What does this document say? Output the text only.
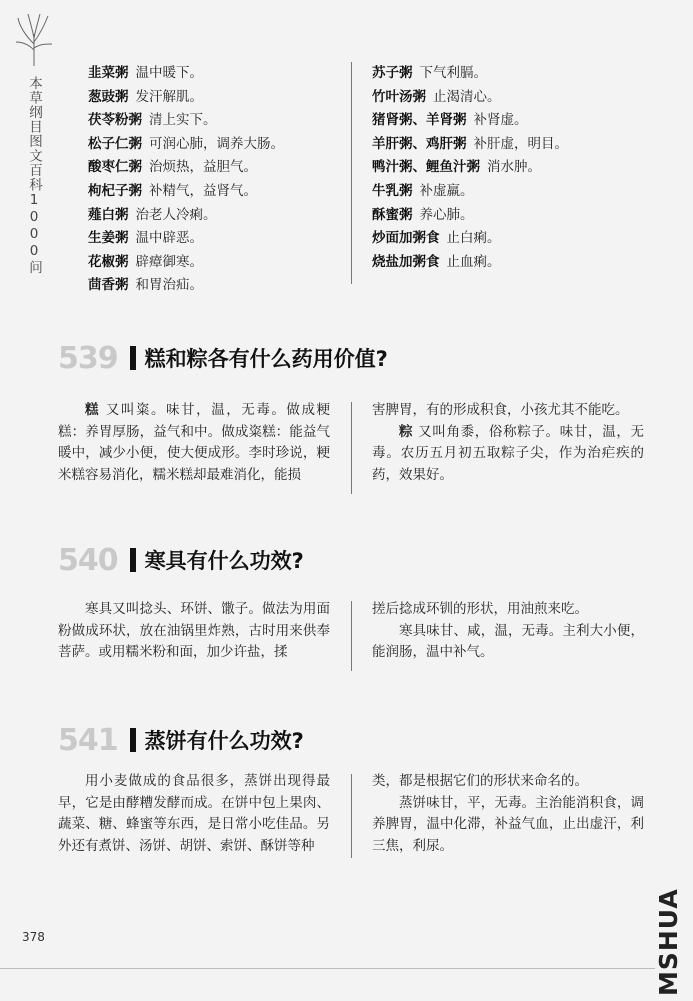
本草纲目图文百科1000问
韭菜粥 温中暖下。
葱豉粥 发汗解肌。
茯苓粉粥 清上实下。
松子仁粥 可润心肺，调养大肠。
酸枣仁粥 治烦热，益胆气。
枸杞子粥 补精气，益肾气。
薤白粥 治老人冷痢。
生姜粥 温中辟恶。
花椒粥 辟瘴御寒。
茴香粥 和胃治疝。
苏子粥 下气利膈。
竹叶汤粥 止渴清心。
猪肾粥、羊肾粥 补肾虚。
羊肝粥、鸡肝粥 补肝虚，明目。
鸭汁粥、鲤鱼汁粥 消水肿。
牛乳粥 补虚羸。
酥蜜粥 养心肺。
炒面加粥食 止白痢。
烧盐加粥食 止血痢。
539 糕和粽各有什么药用价值?
糕 又叫粢。味甘，温，无毒。做成粳糕：养胃厚肠，益气和中。做成粢糕：能益气暖中，减少小便，使大便成形。李时珍说，粳米糕容易消化，糯米糕却最难消化，能损
害脾胃，有的形成积食，小孩尤其不能吃。
粽 又叫角黍，俗称粽子。味甘，温，无毒。农历五月初五取粽子尖，作为治疟疾的药，效果好。
540 寒具有什么功效?
寒具又叫捻头、环饼、馓子。做法为用面粉做成环状，放在油锅里炸熟，古时用来供奉菩萨。或用糯米粉和面，加少许盐，揉
搓后捻成环钏的形状，用油煎来吃。
寒具味甘、咸，温，无毒。主利大小便，能润肠，温中补气。
541 蒸饼有什么功效?
用小麦做成的食品很多，蒸饼出现得最早，它是由酵糟发酵而成。在饼中包上果肉、蔬菜、糖、蜂蜜等东西，是日常小吃佳品。另外还有煮饼、汤饼、胡饼、索饼、酥饼等种
类，都是根据它们的形状来命名的。
蒸饼味甘，平，无毒。主治能消积食，调养脾胃，温中化滞，补益气血，止出虚汗，利三焦，利尿。
378	MSHUA
